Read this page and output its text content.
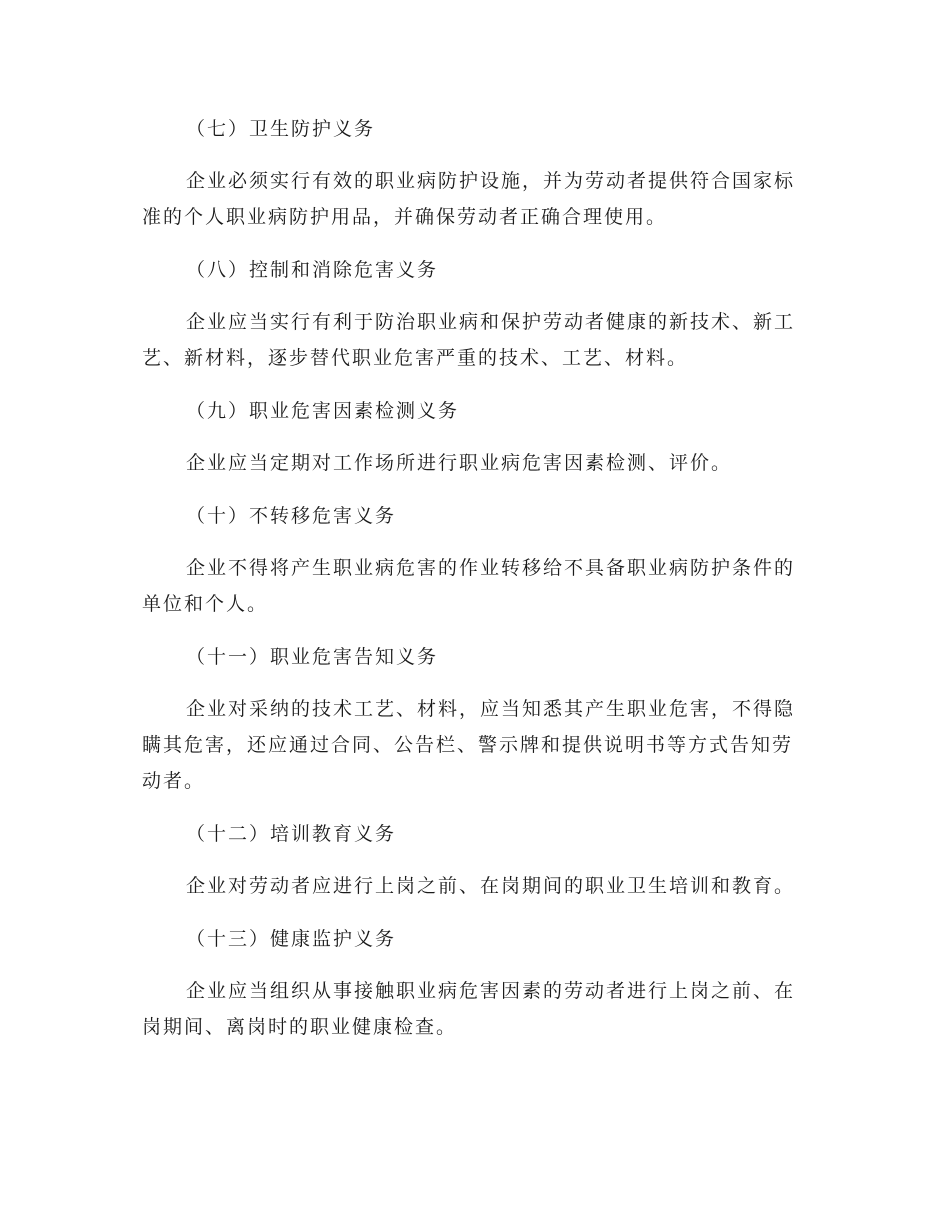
（七）卫生防护义务

企业必须实行有效的职业病防护设施，并为劳动者提供符合国家标准的个人职业病防护用品，并确保劳动者正确合理使用。

（八）控制和消除危害义务

企业应当实行有利于防治职业病和保护劳动者健康的新技术、新工艺、新材料，逐步替代职业危害严重的技术、工艺、材料。

（九）职业危害因素检测义务

企业应当定期对工作场所进行职业病危害因素检测、评价。

（十）不转移危害义务

企业不得将产生职业病危害的作业转移给不具备职业病防护条件的单位和个人。

（十一）职业危害告知义务

企业对采纳的技术工艺、材料，应当知悉其产生职业危害，不得隐瞒其危害，还应通过合同、公告栏、警示牌和提供说明书等方式告知劳动者。

（十二）培训教育义务

企业对劳动者应进行上岗之前、在岗期间的职业卫生培训和教育。

（十三）健康监护义务

企业应当组织从事接触职业病危害因素的劳动者进行上岗之前、在岗期间、离岗时的职业健康检查。
